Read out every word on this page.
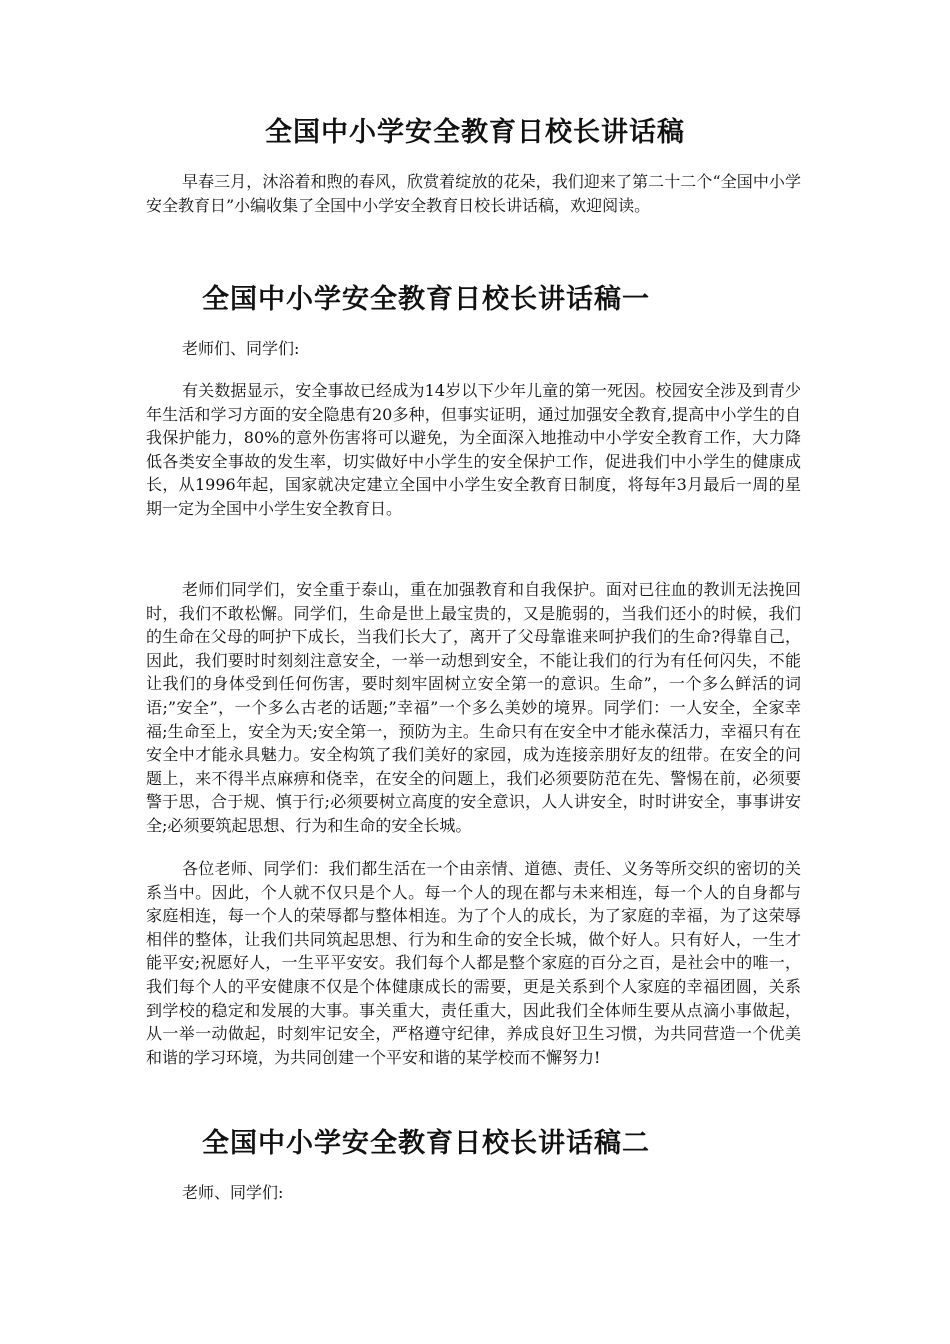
全国中小学安全教育日校长讲话稿

早春三月，沐浴着和煦的春风，欣赏着绽放的花朵，我们迎来了第二十二个“全国中小学安全教育日”小编收集了全国中小学安全教育日校长讲话稿，欢迎阅读。

全国中小学安全教育日校长讲话稿一

老师们、同学们:

有关数据显示，安全事故已经成为14岁以下少年儿童的第一死因。校园安全涉及到青少年生活和学习方面的安全隐患有20多种，但事实证明，通过加强安全教育,提高中小学生的自我保护能力，80%的意外伤害将可以避免，为全面深入地推动中小学安全教育工作，大力降低各类安全事故的发生率，切实做好中小学生的安全保护工作，促进我们中小学生的健康成长，从1996年起，国家就决定建立全国中小学生安全教育日制度，将每年3月最后一周的星期一定为全国中小学生安全教育日。

老师们同学们，安全重于泰山，重在加强教育和自我保护。面对已往血的教训无法挽回时，我们不敢松懈。同学们，生命是世上最宝贵的，又是脆弱的，当我们还小的时候，我们的生命在父母的呵护下成长，当我们长大了，离开了父母靠谁来呵护我们的生命?得靠自己，因此，我们要时时刻刻注意安全，一举一动想到安全，不能让我们的行为有任何闪失，不能让我们的身体受到任何伤害，要时刻牢固树立安全第一的意识。生命”，一个多么鲜活的词语;”安全”，一个多么古老的话题;”幸福”一个多么美妙的境界。同学们：一人安全，全家幸福;生命至上，安全为天;安全第一，预防为主。生命只有在安全中才能永葆活力，幸福只有在安全中才能永具魅力。安全构筑了我们美好的家园，成为连接亲朋好友的纽带。在安全的问题上，来不得半点麻痹和侥幸，在安全的问题上，我们必须要防范在先、警惕在前，必须要警于思，合于规、慎于行;必须要树立高度的安全意识，人人讲安全，时时讲安全，事事讲安全;必须要筑起思想、行为和生命的安全长城。

各位老师、同学们：我们都生活在一个由亲情、道德、责任、义务等所交织的密切的关系当中。因此，个人就不仅只是个人。每一个人的现在都与未来相连，每一个人的自身都与家庭相连，每一个人的荣辱都与整体相连。为了个人的成长，为了家庭的幸福，为了这荣辱相伴的整体，让我们共同筑起思想、行为和生命的安全长城，做个好人。只有好人，一生才能平安;祝愿好人，一生平平安安。我们每个人都是整个家庭的百分之百，是社会中的唯一，我们每个人的平安健康不仅是个体健康成长的需要，更是关系到个人家庭的幸福团圆，关系到学校的稳定和发展的大事。事关重大，责任重大，因此我们全体师生要从点滴小事做起，从一举一动做起，时刻牢记安全，严格遵守纪律，养成良好卫生习惯，为共同营造一个优美和谐的学习环境，为共同创建一个平安和谐的某学校而不懈努力!

全国中小学安全教育日校长讲话稿二

老师、同学们:
